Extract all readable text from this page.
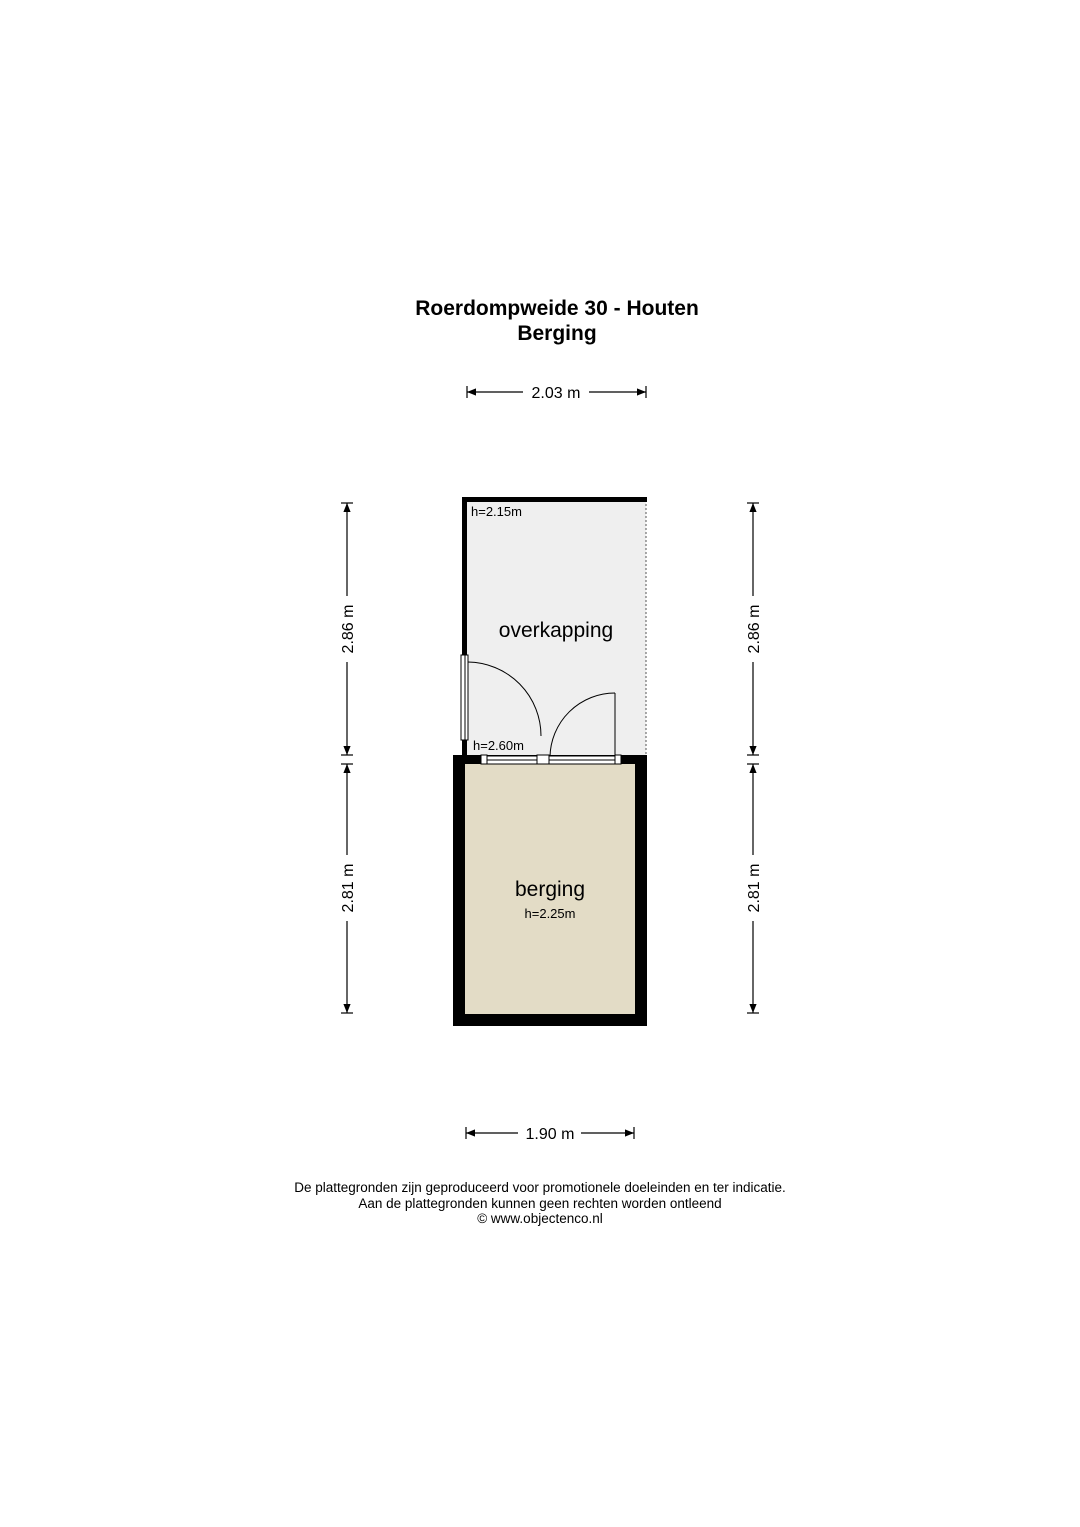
Roerdompweide 30 - Houten
Berging
2.03 m
h=2.15m
overkapping
h=2.60m
berging
h=2.25m
2.86 m
2.81 m
2.86 m
2.81 m
1.90 m
De plattegronden zijn geproduceerd voor promotionele doeleinden en ter indicatie.
Aan de plattegronden kunnen geen rechten worden ontleend
© www.objectenco.nl
